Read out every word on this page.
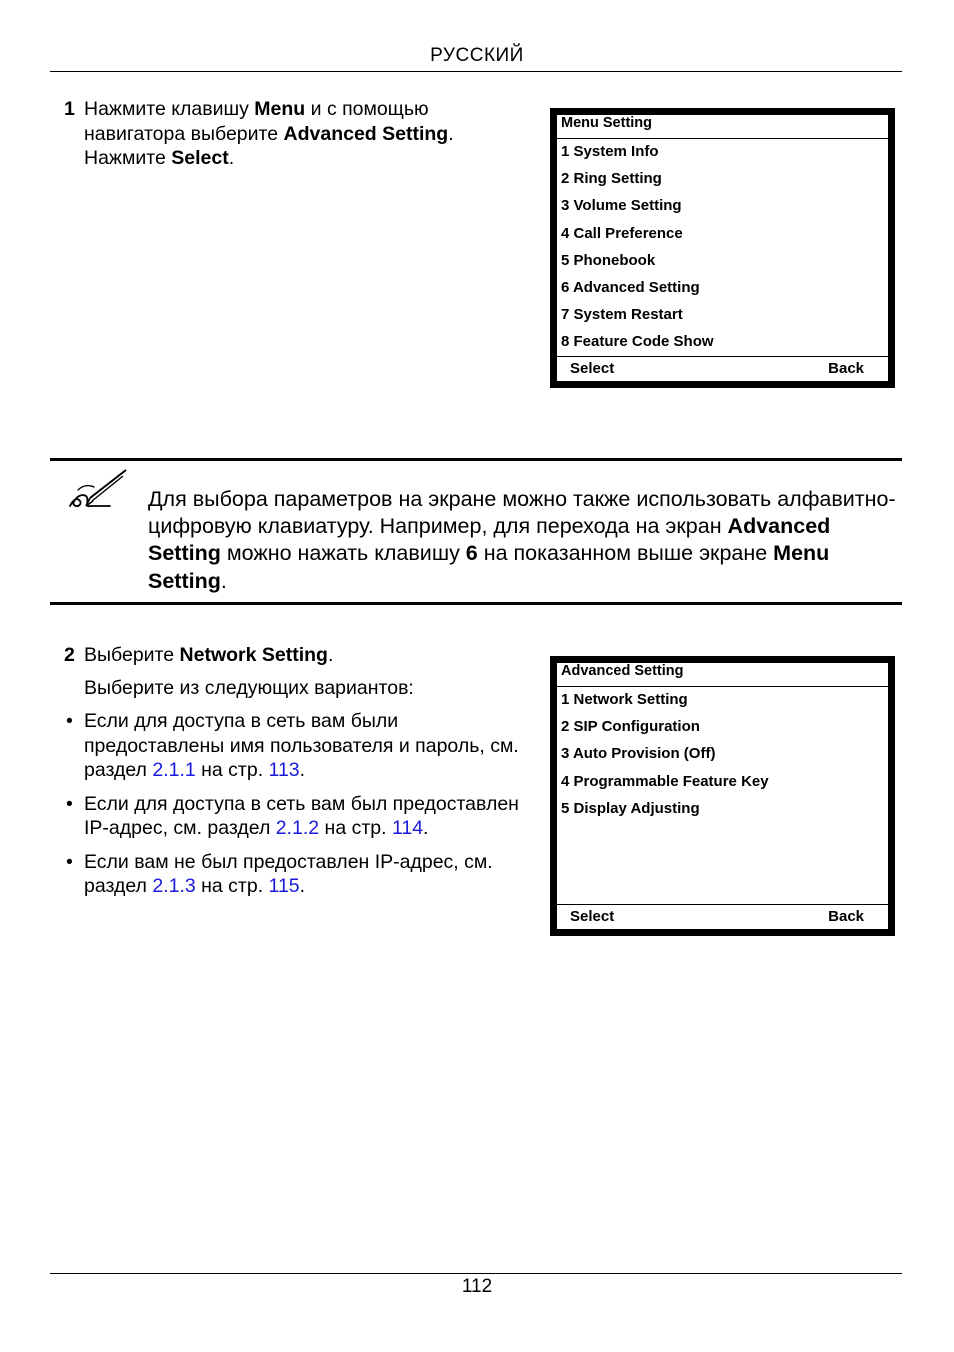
РУССКИЙ
1 Нажмите клавишу Menu и с помощью навигатора выберите Advanced Setting. Нажмите Select.
Menu Setting
1 System Info
2 Ring Setting
3 Volume Setting
4 Call Preference
5 Phonebook
6 Advanced Setting
7 System Restart
8 Feature Code Show
Select	Back
Для выбора параметров на экране можно также использовать алфавитно-цифровую клавиатуру. Например, для перехода на экран Advanced Setting можно нажать клавишу 6 на показанном выше экране Menu Setting.
2 Выберите Network Setting.

Выберите из следующих вариантов:

• Если для доступа в сеть вам были предоставлены имя пользователя и пароль, см. раздел 2.1.1 на стр. 113.
• Если для доступа в сеть вам был предоставлен IP-адрес, см. раздел 2.1.2 на стр. 114.
• Если вам не был предоставлен IP-адрес, см. раздел 2.1.3 на стр. 115.
Advanced Setting
1 Network Setting
2 SIP Configuration
3 Auto Provision (Off)
4 Programmable Feature Key
5 Display Adjusting
Select	Back
112
